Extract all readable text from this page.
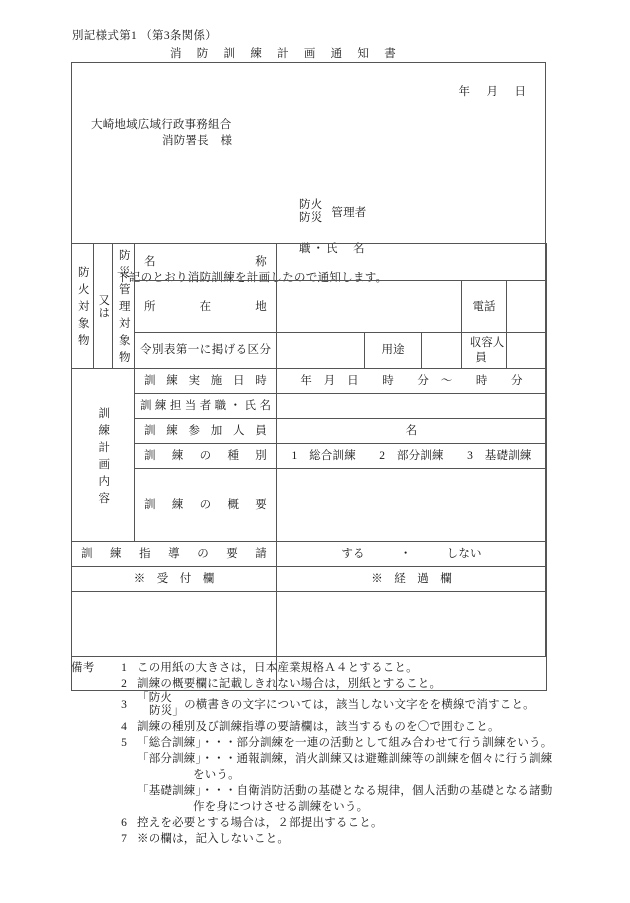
別記様式第1 （第3条関係）
消 防 訓 練 計 画 通 知 書
年    月    日
大崎地域広域行政事務組合
消防署長　様
防火
防災 管理者
職・氏　名
下記のとおり消防訓練を計画したので通知します。
防火対象物	又は	防災管理対象物	名称					

			所在地				電話	

			令別表第一に掲げる区分		用途		収容人員	
訓練計画内容			訓練実施日時	年　月　日　　時　　分　～　　時　　分				

			訓練担当者職・氏名					

			訓練参加人員	名				

			訓練の種別	1　総合訓練　　2　部分訓練　　3　基礎訓練				

			訓練の概要					

訓練指導の要請				する　　　・　　　しない				
※　受　付　欄				※　経　過　欄				

備考	1 この用紙の大きさは，日本産業規格Ａ４とすること。
2 訓練の概要欄に記載しきれない場合は，別紙とすること。
3
「防火
防災」
の横書きの文字については，該当しない文字をを横線で消すこと。
4 訓練の種別及び訓練指導の要請欄は，該当するものを〇で囲むこと。
5 「総合訓練」・・・部分訓練を一連の活動として組み合わせて行う訓練をいう。
「部分訓練」・・・通報訓練，消火訓練又は避難訓練等の訓練を個々に行う訓練
をいう。
「基礎訓練」・・・自衛消防活動の基礎となる規律，個人活動の基礎となる諸動
作を身につけさせる訓練をいう。
6 控えを必要とする場合は，２部提出すること。
7 ※の欄は，記入しないこと。
